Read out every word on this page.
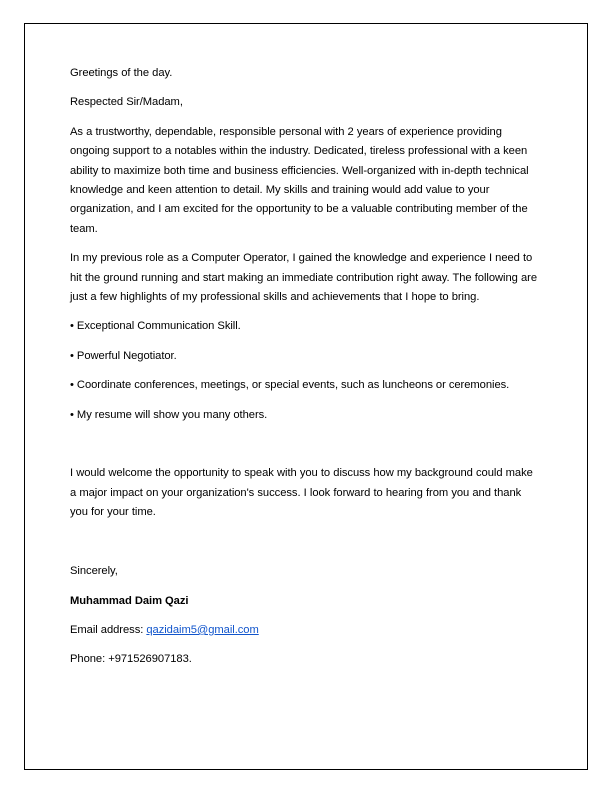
Greetings of the day.

Respected Sir/Madam,

As a trustworthy, dependable, responsible personal with 2 years of experience providing ongoing support to a notables within the industry. Dedicated, tireless professional with a keen ability to maximize both time and business efficiencies. Well-organized with in-depth technical knowledge and keen attention to detail. My skills and training would add value to your organization, and I am excited for the opportunity to be a valuable contributing member of the team.

In my previous role as a Computer Operator, I gained the knowledge and experience I need to hit the ground running and start making an immediate contribution right away. The following are just a few highlights of my professional skills and achievements that I hope to bring.

• Exceptional Communication Skill.

• Powerful Negotiator.

• Coordinate conferences, meetings, or special events, such as luncheons or ceremonies.

• My resume will show you many others.

I would welcome the opportunity to speak with you to discuss how my background could make a major impact on your organization's success. I look forward to hearing from you and thank you for your time.

Sincerely,

Muhammad Daim Qazi

Email address: qazidaim5@gmail.com

Phone: +971526907183.
